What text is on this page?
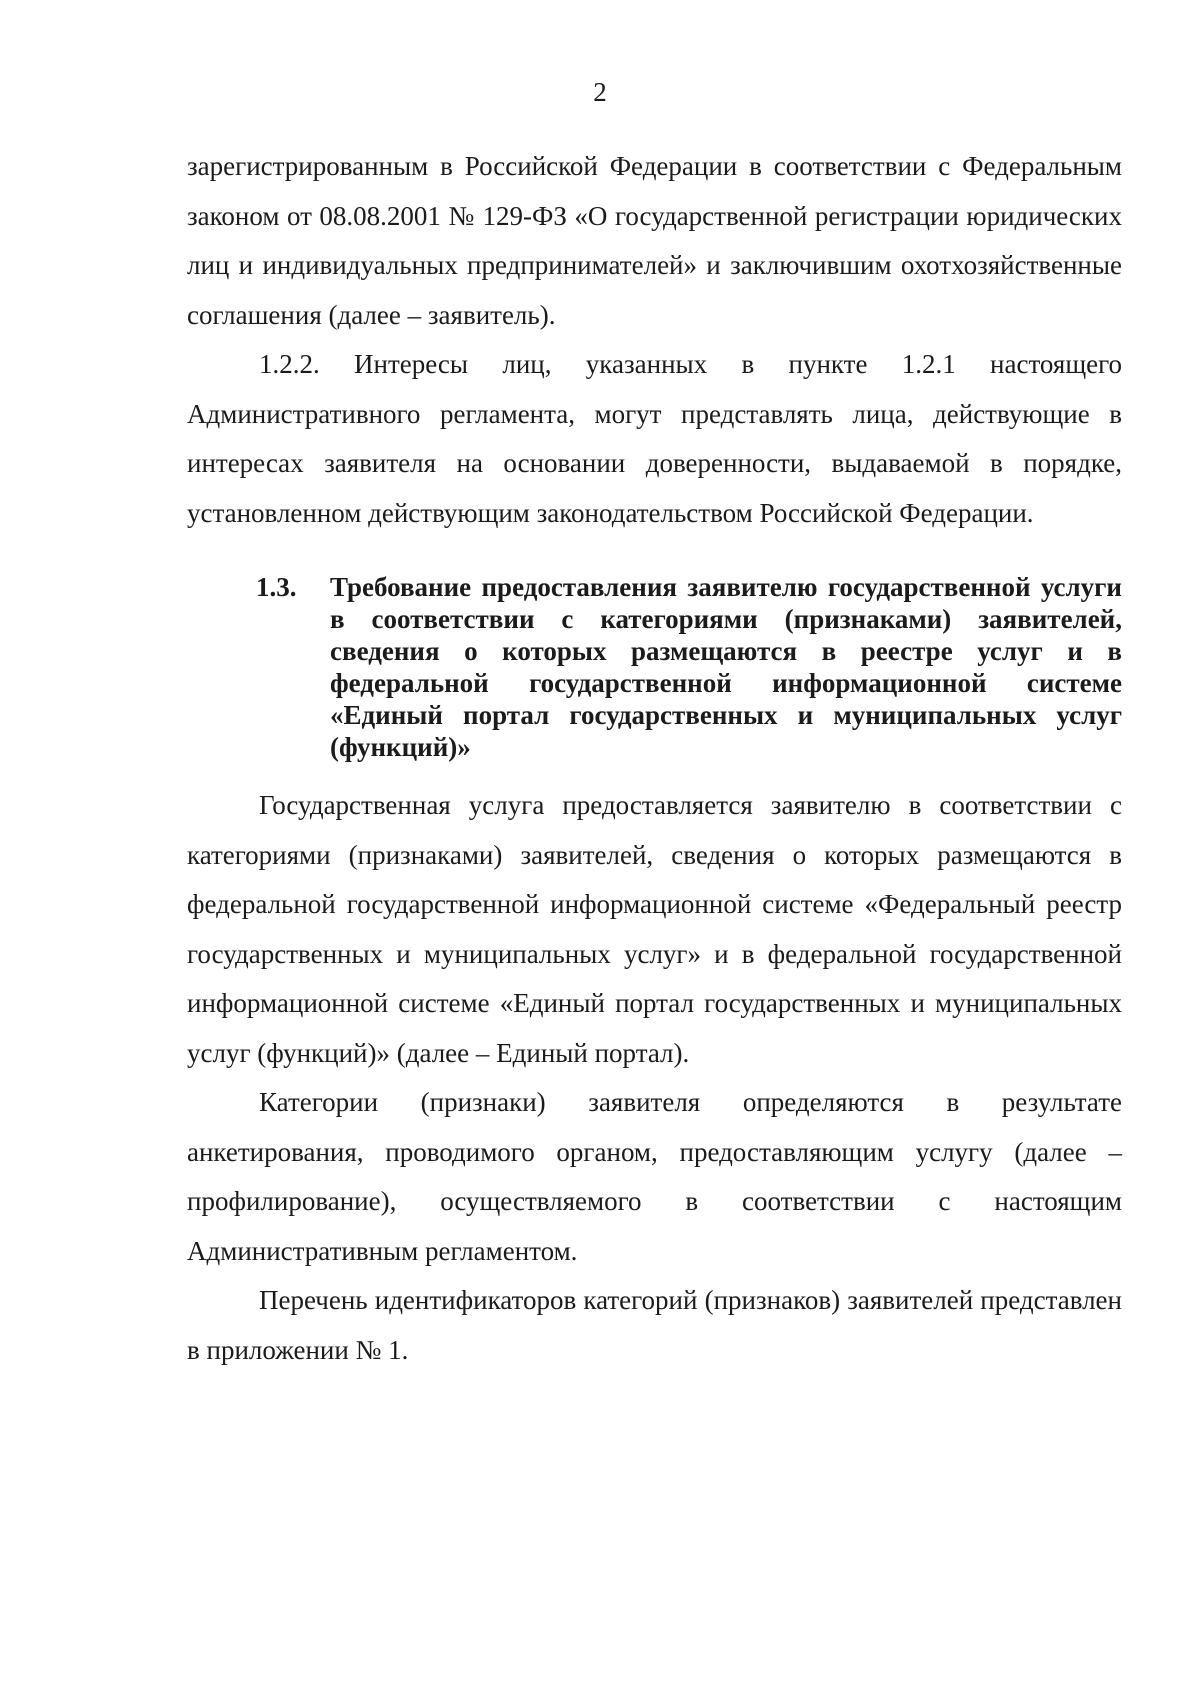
2

зарегистрированным в Российской Федерации в соответствии с Федеральным законом от 08.08.2001 № 129-ФЗ «О государственной регистрации юридических лиц и индивидуальных предпринимателей» и заключившим охотхозяйственные соглашения (далее – заявитель).

1.2.2. Интересы лиц, указанных в пункте 1.2.1 настоящего Административного регламента, могут представлять лица, действующие в интересах заявителя на основании доверенности, выдаваемой в порядке, установленном действующим законодательством Российской Федерации.

1.3. Требование предоставления заявителю государственной услуги в соответствии с категориями (признаками) заявителей, сведения о которых размещаются в реестре услуг и в федеральной государственной информационной системе «Единый портал государственных и муниципальных услуг (функций)»

Государственная услуга предоставляется заявителю в соответствии с категориями (признаками) заявителей, сведения о которых размещаются в федеральной государственной информационной системе «Федеральный реестр государственных и муниципальных услуг» и в федеральной государственной информационной системе «Единый портал государственных и муниципальных услуг (функций)» (далее – Единый портал).

Категории (признаки) заявителя определяются в результате анкетирования, проводимого органом, предоставляющим услугу (далее – профилирование), осуществляемого в соответствии с настоящим Административным регламентом.

Перечень идентификаторов категорий (признаков) заявителей представлен в приложении № 1.
